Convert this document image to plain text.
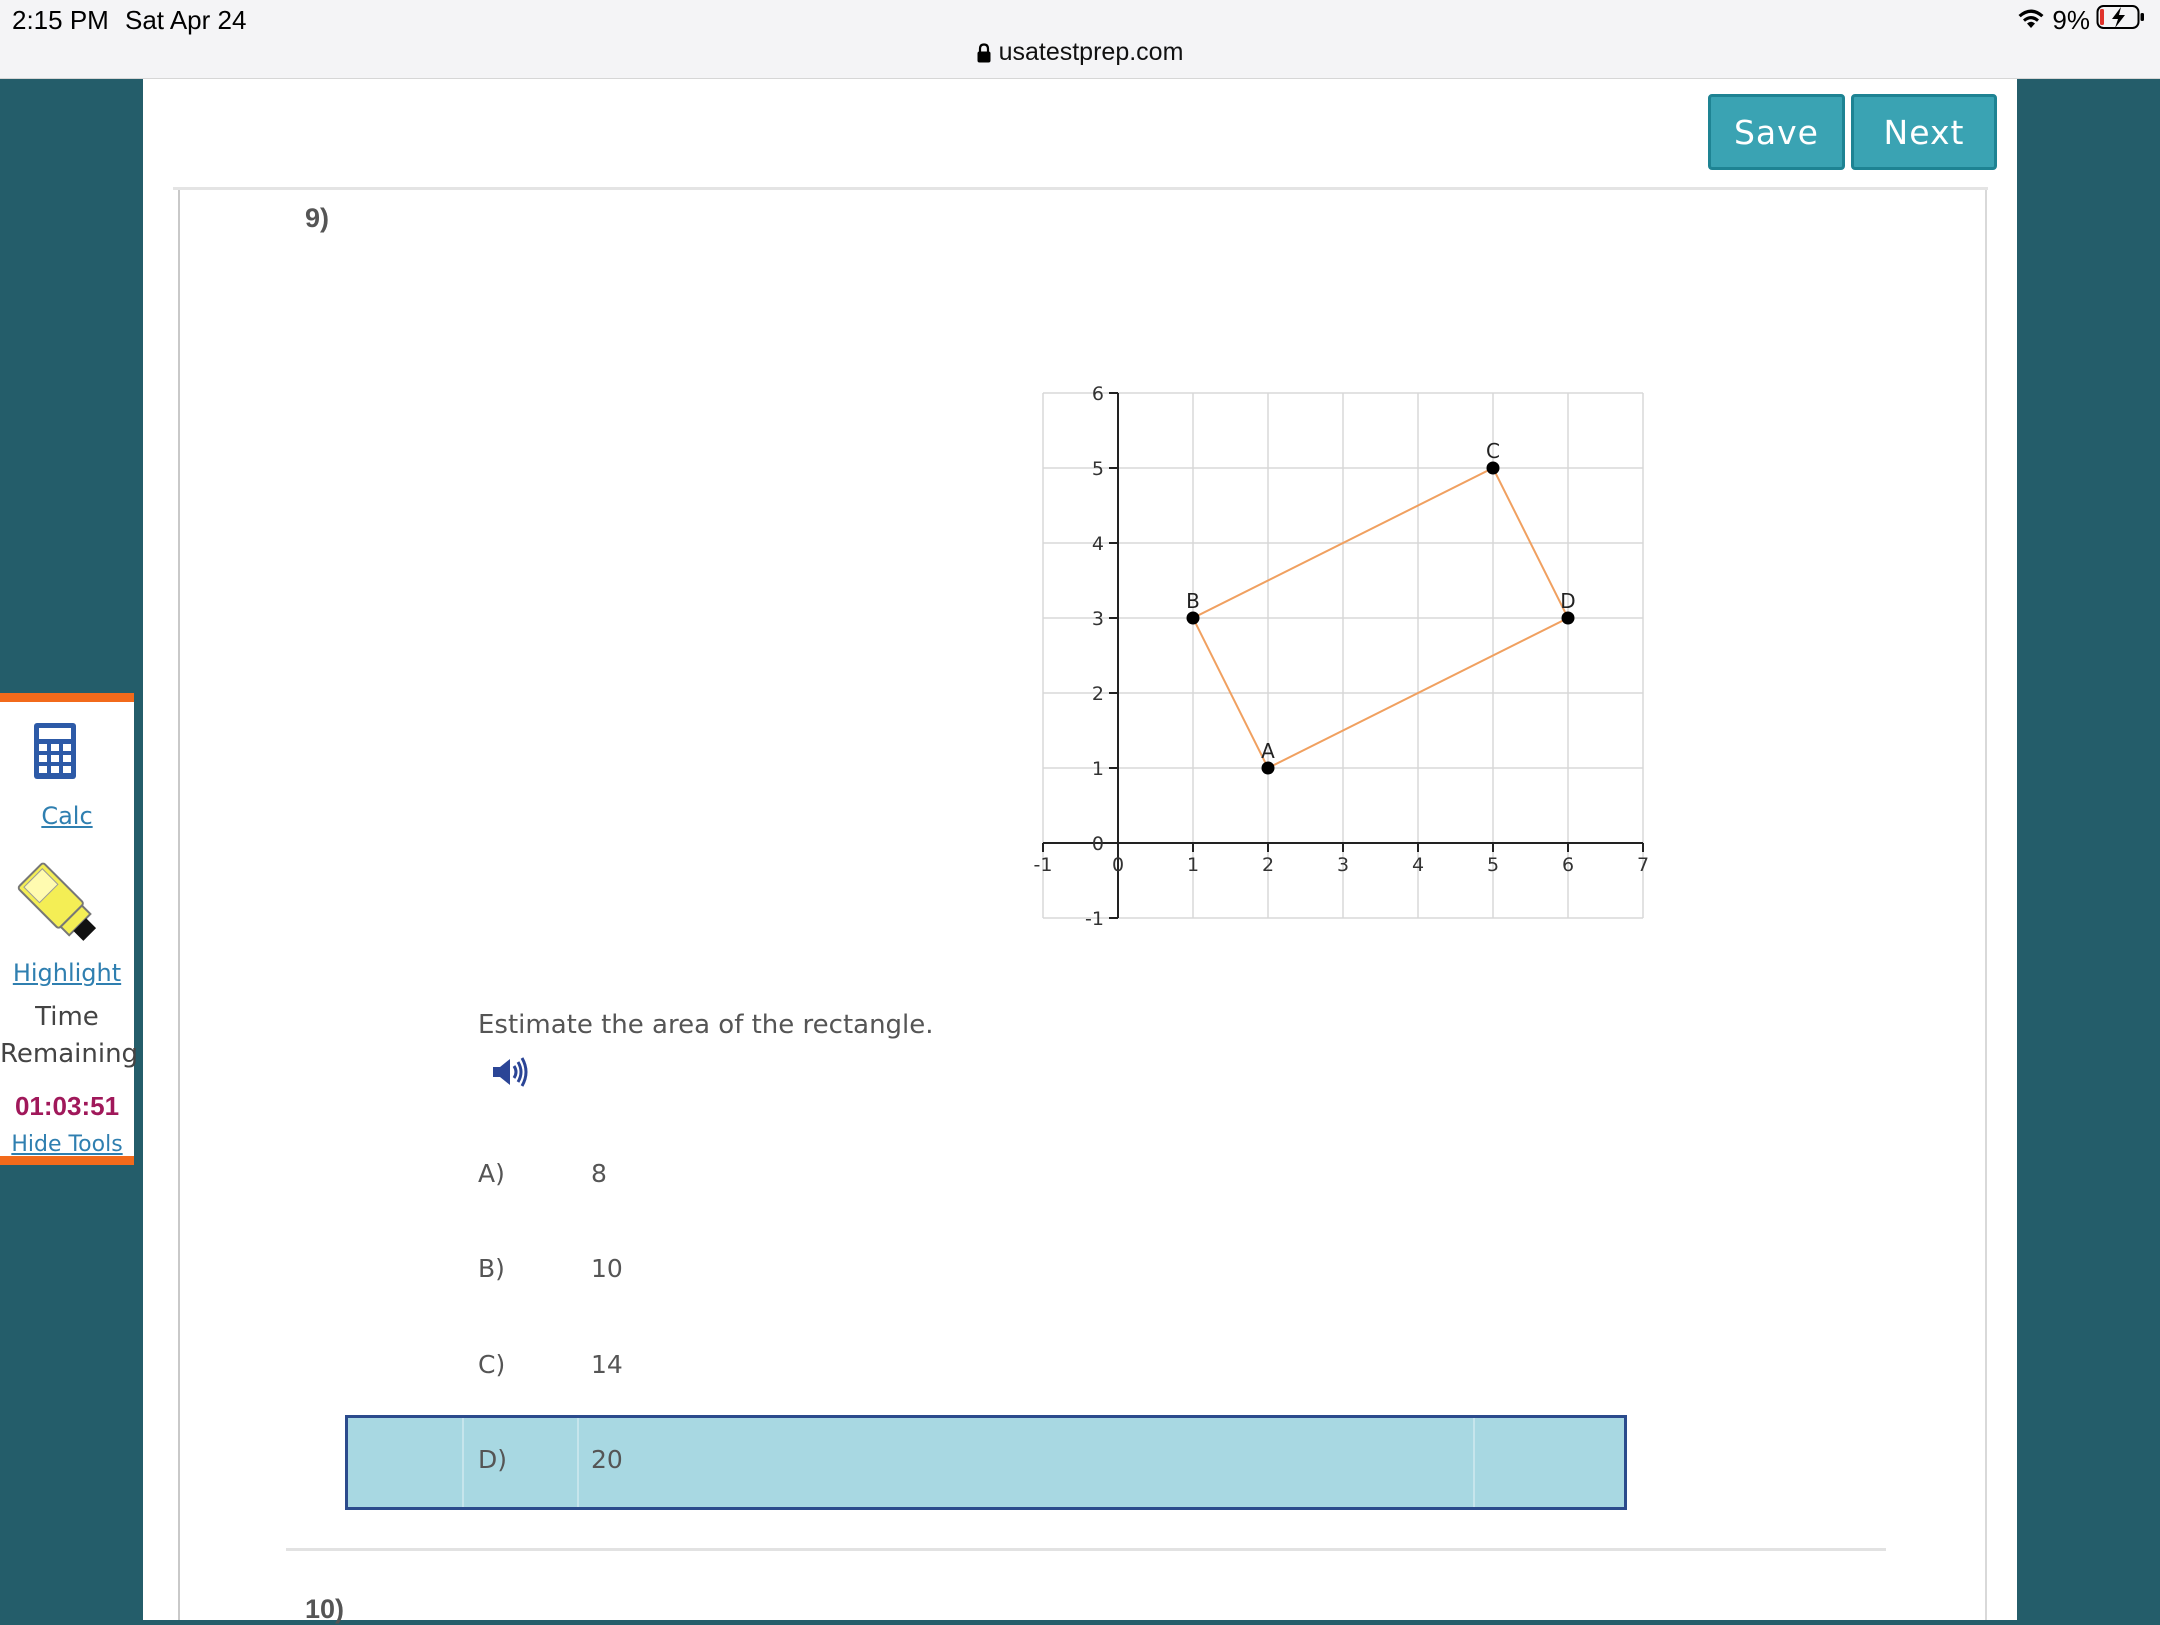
2:15 PM Sat Apr 24	9%
usatestprep.com
Save	Next
9)
-1	0	1	2	3	4	5	6	7
-1
0
1
2
3
4
5
6
A
B
C
D
Estimate the area of the rectangle.
A)	8
B)	10
C)	14
D)	20
10)
Calc
Highlight
Time
Remaining
01:03:51
Hide Tools
